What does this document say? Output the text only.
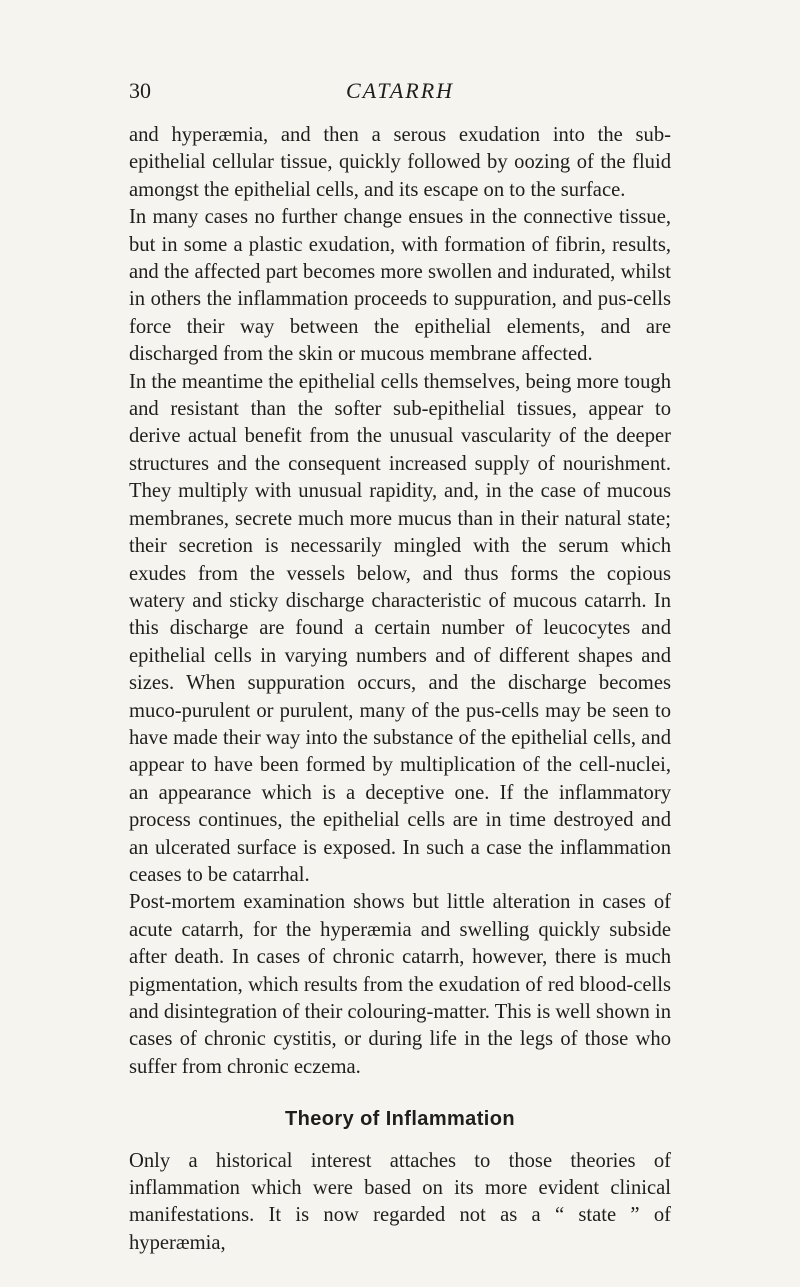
30	CATARRH

and hyperæmia, and then a serous exudation into the sub-epithelial cellular tissue, quickly followed by oozing of the fluid amongst the epithelial cells, and its escape on to the surface.

In many cases no further change ensues in the connective tissue, but in some a plastic exudation, with formation of fibrin, results, and the affected part becomes more swollen and indurated, whilst in others the inflammation proceeds to suppuration, and pus-cells force their way between the epithelial elements, and are discharged from the skin or mucous membrane affected.

In the meantime the epithelial cells themselves, being more tough and resistant than the softer sub-epithelial tissues, appear to derive actual benefit from the unusual vascularity of the deeper structures and the consequent increased supply of nourishment. They multiply with unusual rapidity, and, in the case of mucous membranes, secrete much more mucus than in their natural state; their secretion is necessarily mingled with the serum which exudes from the vessels below, and thus forms the copious watery and sticky discharge characteristic of mucous catarrh. In this discharge are found a certain number of leucocytes and epithelial cells in varying numbers and of different shapes and sizes. When suppuration occurs, and the discharge becomes muco-purulent or purulent, many of the pus-cells may be seen to have made their way into the substance of the epithelial cells, and appear to have been formed by multiplication of the cell-nuclei, an appearance which is a deceptive one. If the inflammatory process continues, the epithelial cells are in time destroyed and an ulcerated surface is exposed. In such a case the inflammation ceases to be catarrhal.

Post-mortem examination shows but little alteration in cases of acute catarrh, for the hyperæmia and swelling quickly subside after death. In cases of chronic catarrh, however, there is much pigmentation, which results from the exudation of red blood-cells and disintegration of their colouring-matter. This is well shown in cases of chronic cystitis, or during life in the legs of those who suffer from chronic eczema.

Theory of Inflammation

Only a historical interest attaches to those theories of inflammation which were based on its more evident clinical manifestations. It is now regarded not as a “ state ” of hyperæmia,
